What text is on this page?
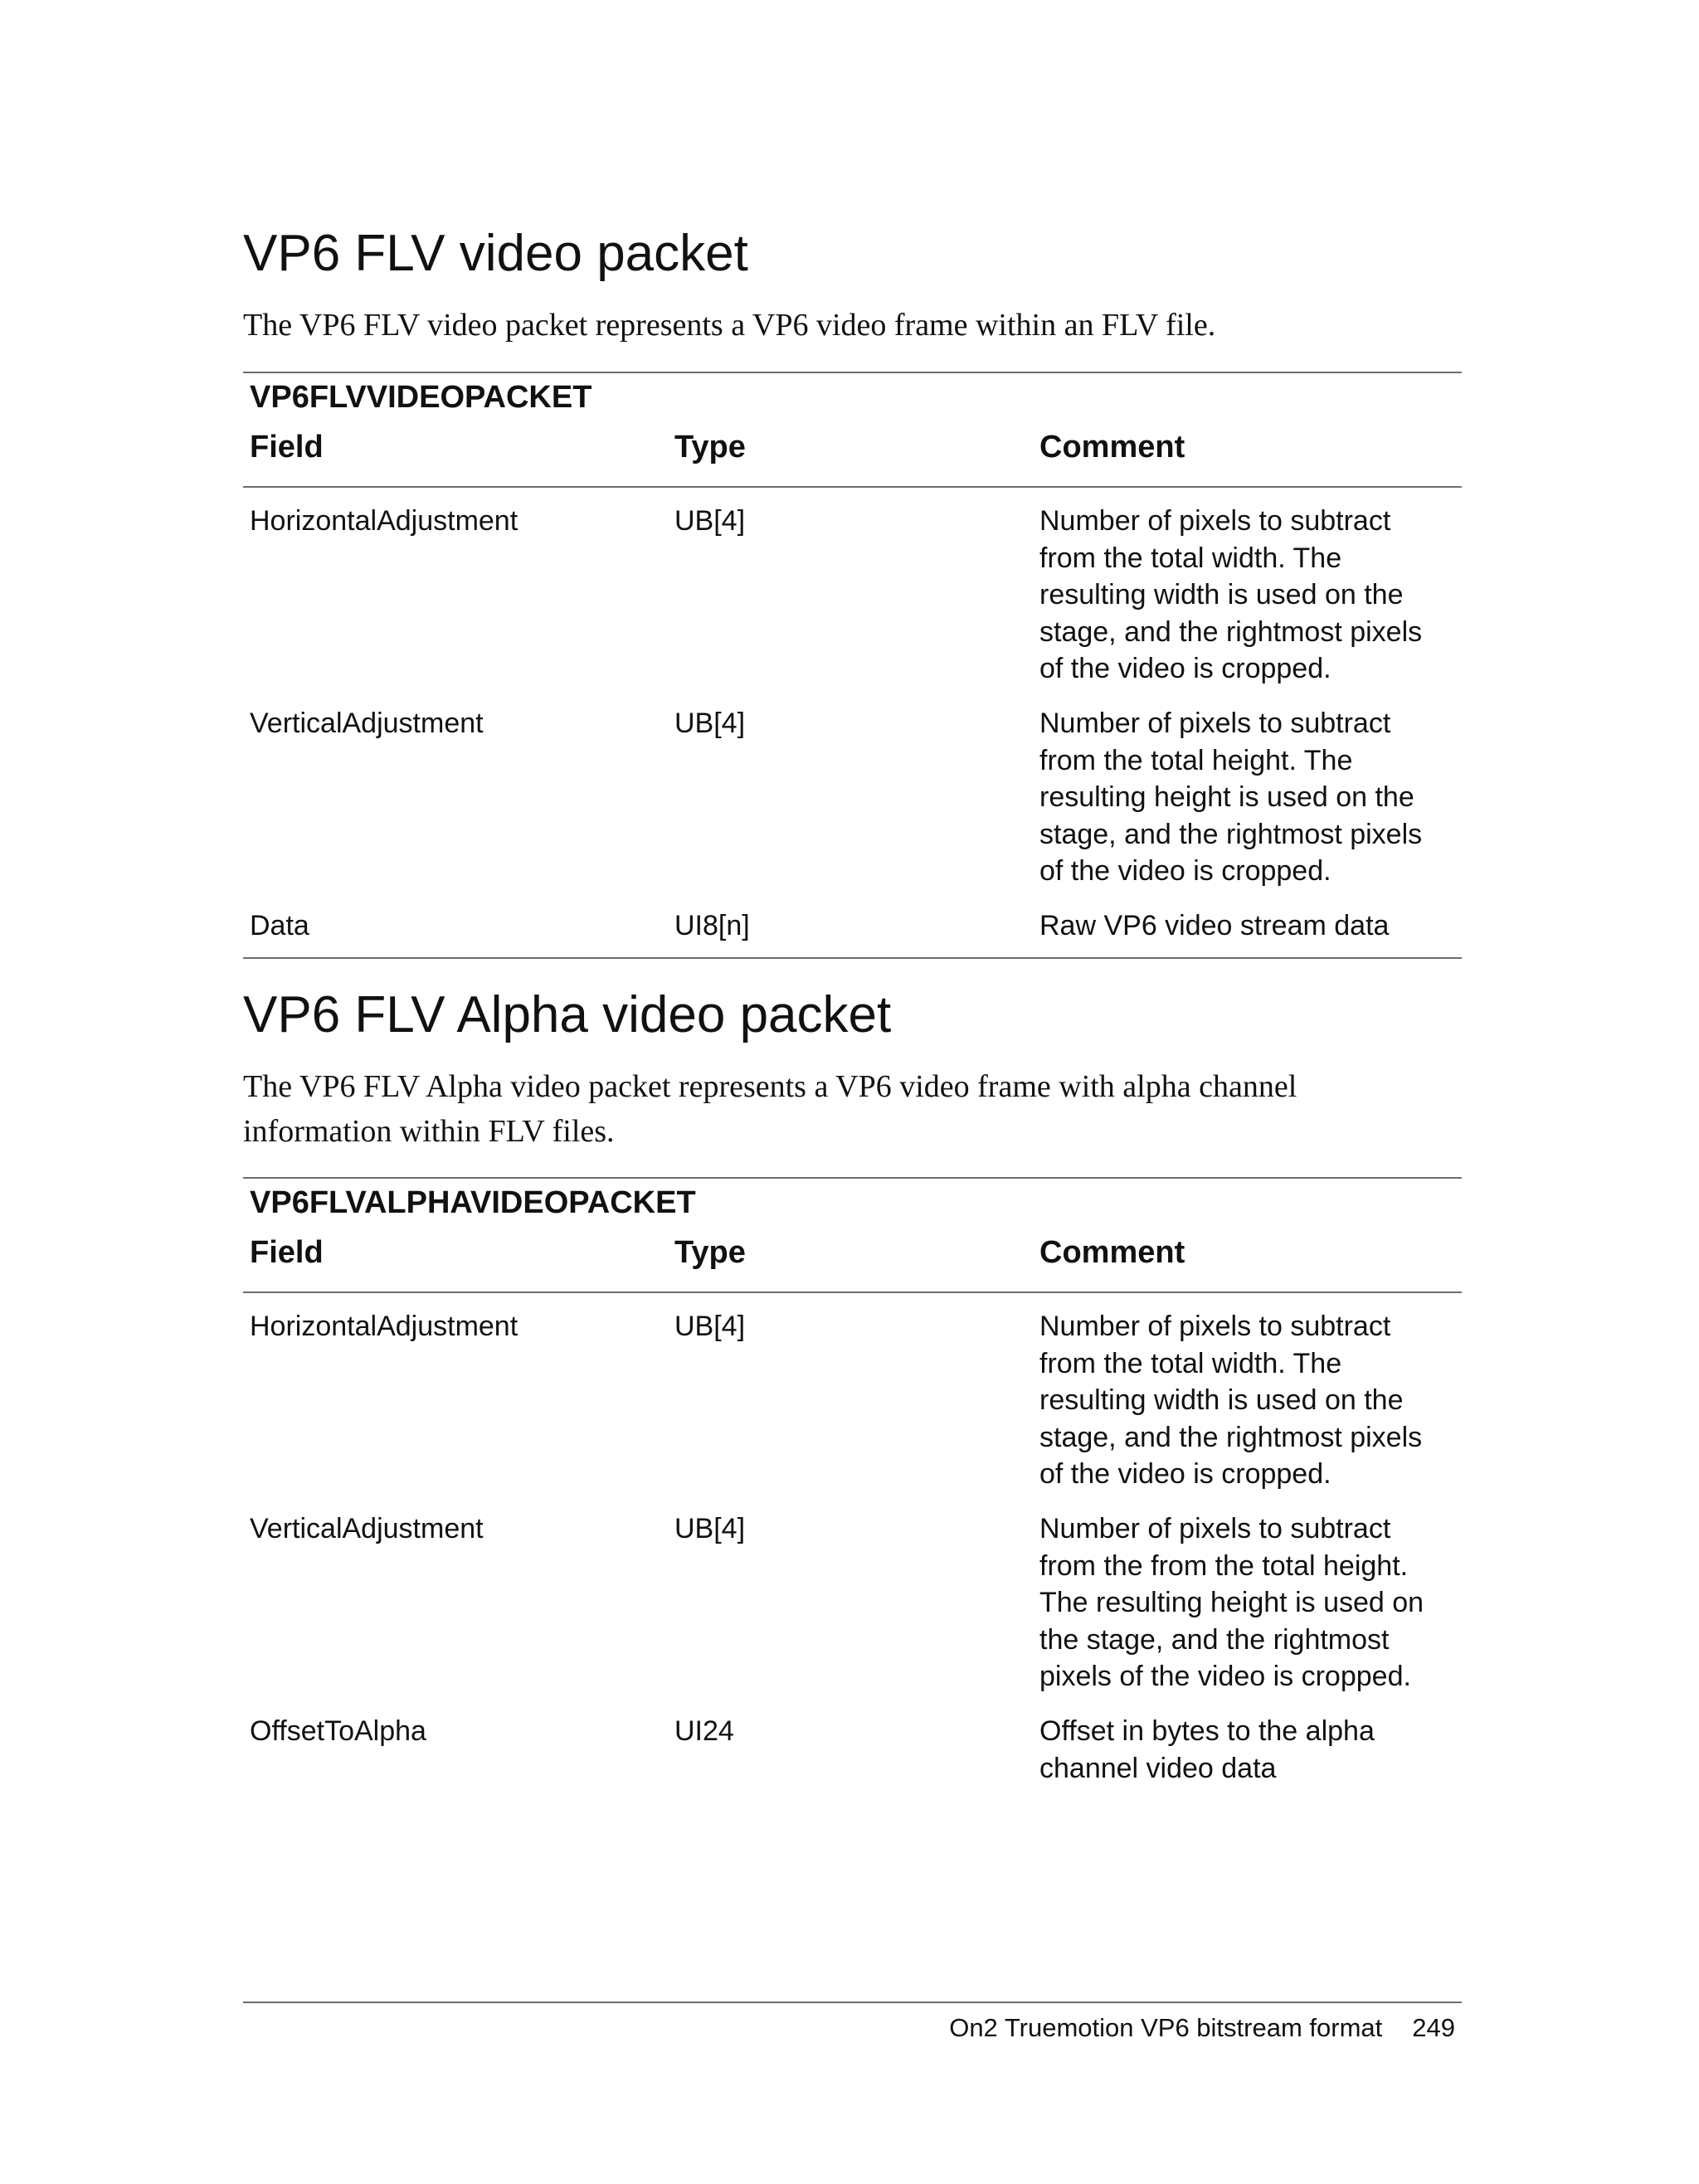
VP6 FLV video packet

The VP6 FLV video packet represents a VP6 video frame within an FLV file.

VP6FLVVIDEOPACKET
Field	Type	Comment
HorizontalAdjustment	UB[4]	Number of pixels to subtract
from the total width. The
resulting width is used on the
stage, and the rightmost pixels
of the video is cropped.
VerticalAdjustment	UB[4]	Number of pixels to subtract
from the total height. The
resulting height is used on the
stage, and the rightmost pixels
of the video is cropped.
Data	UI8[n]	Raw VP6 video stream data
VP6 FLV Alpha video packet

The VP6 FLV Alpha video packet represents a VP6 video frame with alpha channel
information within FLV files.

VP6FLVALPHAVIDEOPACKET
Field	Type	Comment
HorizontalAdjustment	UB[4]	Number of pixels to subtract
from the total width. The
resulting width is used on the
stage, and the rightmost pixels
of the video is cropped.
VerticalAdjustment	UB[4]	Number of pixels to subtract
from the from the total height.
The resulting height is used on
the stage, and the rightmost
pixels of the video is cropped.
OffsetToAlpha	UI24	Offset in bytes to the alpha
channel video data
On2 Truemotion VP6 bitstream format 249
